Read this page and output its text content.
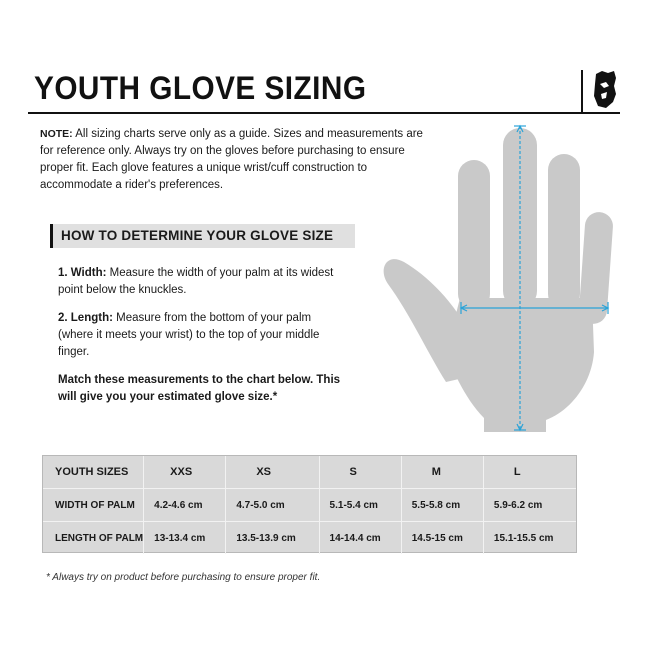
YOUTH GLOVE SIZING
NOTE: All sizing charts serve only as a guide. Sizes and measurements are for reference only. Always try on the gloves before purchasing to ensure proper fit. Each glove features a unique wrist/cuff construction to accommodate a rider's preferences.
HOW TO DETERMINE YOUR GLOVE SIZE
1. Width: Measure the width of your palm at its widest point below the knuckles.
2. Length: Measure from the bottom of your palm (where it meets your wrist) to the top of your middle finger.
Match these measurements to the chart below. This will give you your estimated glove size.*
YOUTH SIZES	XXS	XS	S	M	L
WIDTH OF PALM	4.2-4.6 cm	4.7-5.0 cm	5.1-5.4 cm	5.5-5.8 cm	5.9-6.2 cm
LENGTH OF PALM	13-13.4 cm	13.5-13.9 cm	14-14.4 cm	14.5-15 cm	15.1-15.5 cm
* Always try on product before purchasing to ensure proper fit.
